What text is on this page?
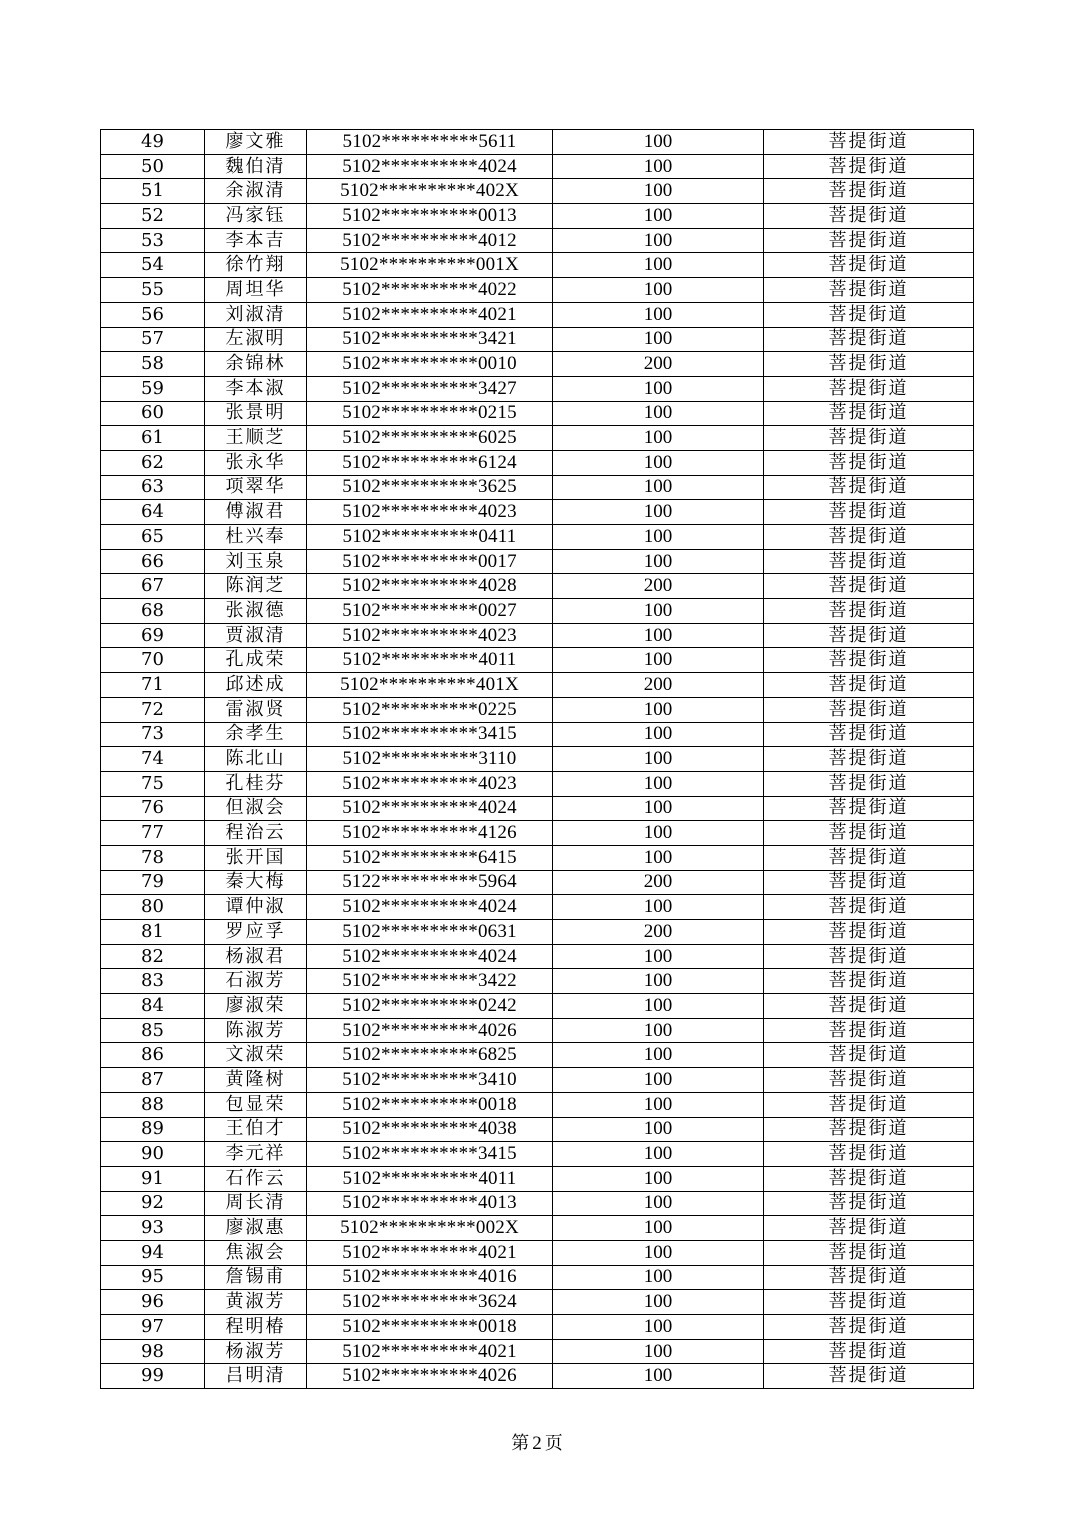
49	廖文雅	5102**********5611	100	菩提街道
50	魏伯清	5102**********4024	100	菩提街道
51	余淑清	5102**********402X	100	菩提街道
52	冯家钰	5102**********0013	100	菩提街道
53	李本吉	5102**********4012	100	菩提街道
54	徐竹翔	5102**********001X	100	菩提街道
55	周坦华	5102**********4022	100	菩提街道
56	刘淑清	5102**********4021	100	菩提街道
57	左淑明	5102**********3421	100	菩提街道
58	余锦林	5102**********0010	200	菩提街道
59	李本淑	5102**********3427	100	菩提街道
60	张景明	5102**********0215	100	菩提街道
61	王顺芝	5102**********6025	100	菩提街道
62	张永华	5102**********6124	100	菩提街道
63	项翠华	5102**********3625	100	菩提街道
64	傅淑君	5102**********4023	100	菩提街道
65	杜兴奉	5102**********0411	100	菩提街道
66	刘玉泉	5102**********0017	100	菩提街道
67	陈润芝	5102**********4028	200	菩提街道
68	张淑德	5102**********0027	100	菩提街道
69	贾淑清	5102**********4023	100	菩提街道
70	孔成荣	5102**********4011	100	菩提街道
71	邱述成	5102**********401X	200	菩提街道
72	雷淑贤	5102**********0225	100	菩提街道
73	余孝生	5102**********3415	100	菩提街道
74	陈北山	5102**********3110	100	菩提街道
75	孔桂芬	5102**********4023	100	菩提街道
76	但淑会	5102**********4024	100	菩提街道
77	程治云	5102**********4126	100	菩提街道
78	张开国	5102**********6415	100	菩提街道
79	秦大梅	5122**********5964	200	菩提街道
80	谭仲淑	5102**********4024	100	菩提街道
81	罗应孚	5102**********0631	200	菩提街道
82	杨淑君	5102**********4024	100	菩提街道
83	石淑芳	5102**********3422	100	菩提街道
84	廖淑荣	5102**********0242	100	菩提街道
85	陈淑芳	5102**********4026	100	菩提街道
86	文淑荣	5102**********6825	100	菩提街道
87	黄隆树	5102**********3410	100	菩提街道
88	包显荣	5102**********0018	100	菩提街道
89	王伯才	5102**********4038	100	菩提街道
90	李元祥	5102**********3415	100	菩提街道
91	石作云	5102**********4011	100	菩提街道
92	周长清	5102**********4013	100	菩提街道
93	廖淑惠	5102**********002X	100	菩提街道
94	焦淑会	5102**********4021	100	菩提街道
95	詹锡甫	5102**********4016	100	菩提街道
96	黄淑芳	5102**********3624	100	菩提街道
97	程明椿	5102**********0018	100	菩提街道
98	杨淑芳	5102**********4021	100	菩提街道
99	吕明清	5102**********4026	100	菩提街道
第 2 页
